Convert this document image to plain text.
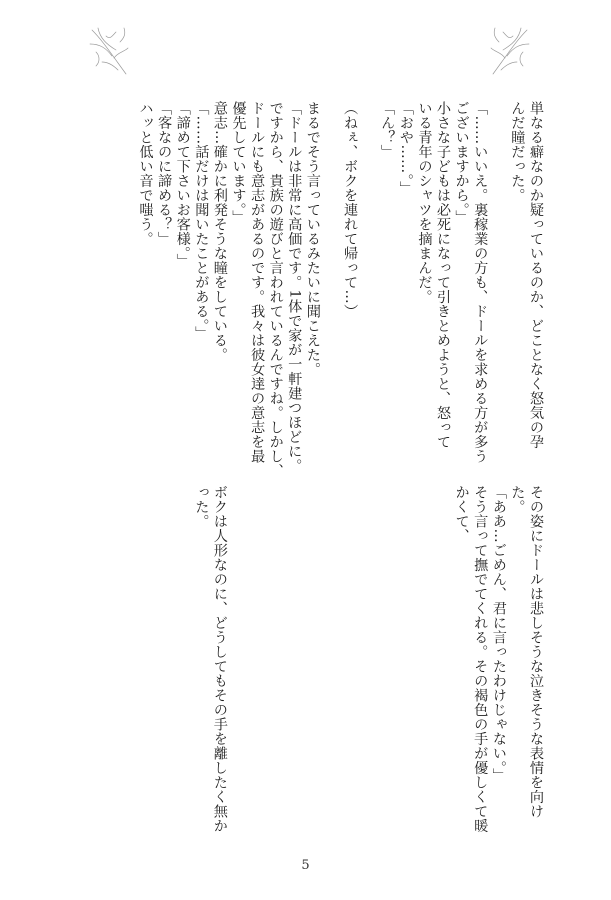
単なる癖なのか疑っているのか、どことなく怒気の孕
んだ瞳だった。

「……いいえ。裏稼業の方も、ドールを求める方が多う
ございますから。」
小さな子どもは必死になって引きとめようと、怒って
いる青年のシャツを摘まんだ。
「おや……。」
「ん？」

（ねぇ、ボクを連れて帰って…）

まるでそう言っているみたいに聞こえた。
「ドールは非常に高価です。1体で家が一軒建つほどに。
ですから、貴族の遊びと言われているんですね。しかし、
ドールにも意志があるのです。我々は彼女達の意志を最
優先しています。」
意志…確かに利発そうな瞳をしている。
「……話だけは聞いたことがある。」
「諦めて下さいお客様。」
「客なのに諦める？」
ハッと低い音で嗤う。
その姿にドールは悲しそうな泣きそうな表情を向け
た。
「ああ…ごめん、君に言ったわけじゃない。」
そう言って撫でてくれる。その褐色の手が優しくて暖
かくて、

ボクは人形なのに、どうしてもその手を離したく無か
った。
5
